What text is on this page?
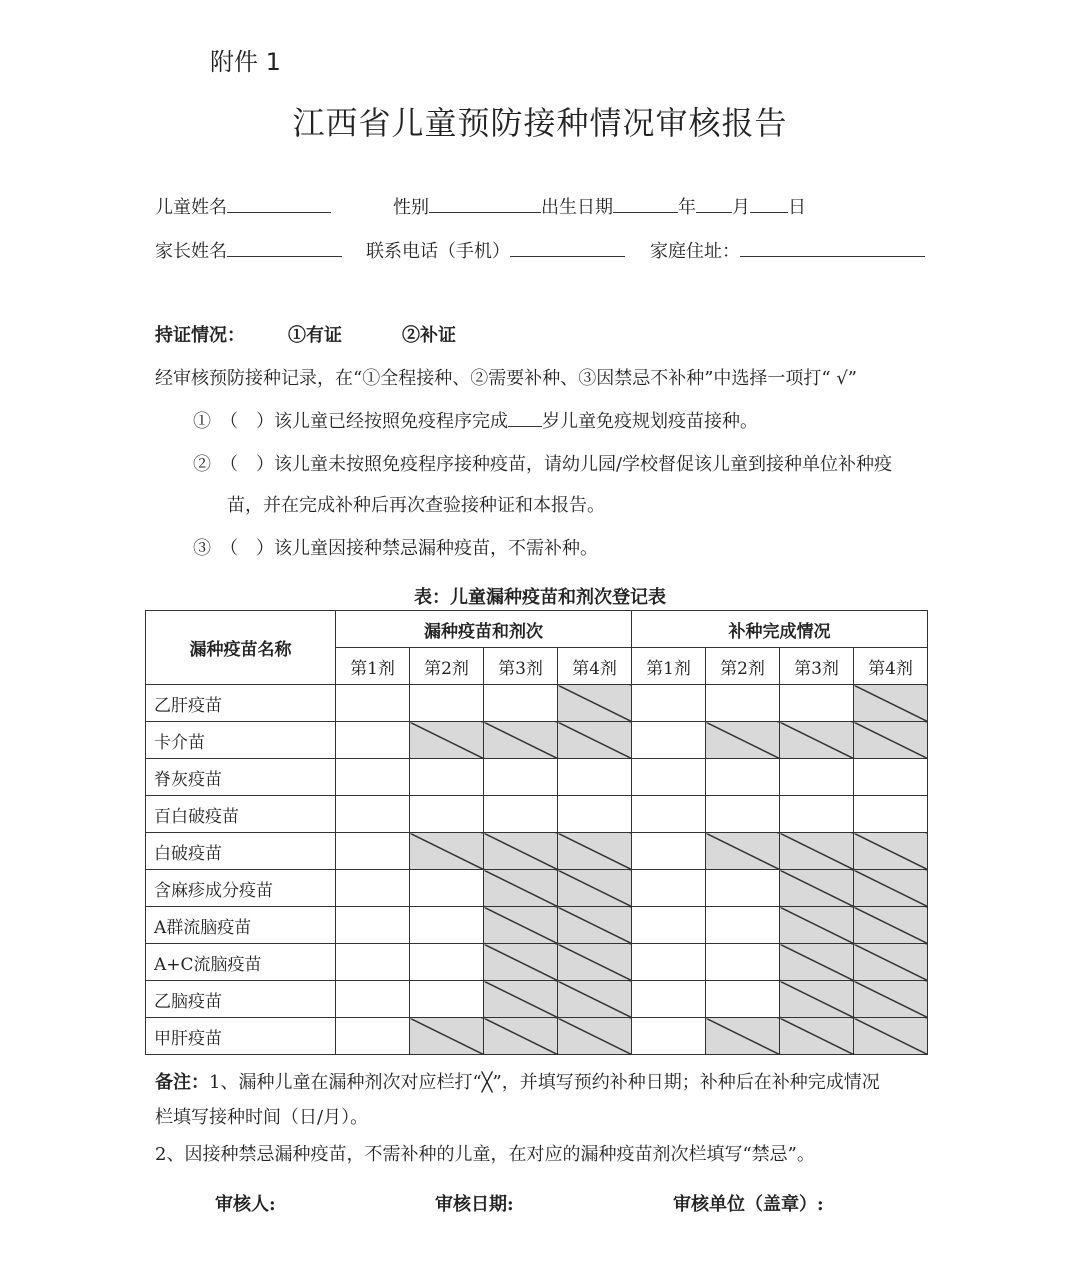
附件 1
江西省儿童预防接种情况审核报告
儿童姓名	性别	出生日期	年 月 日
家长姓名	联系电话（手机）	家庭住址：
持证情况： ①有证	②补证
经审核预防接种记录，在“①全程接种、②需要补种、③因禁忌不补种”中选择一项打“ √”
①　（　）该儿童已经按照免疫程序完成 岁儿童免疫规划疫苗接种。
②　（　）该儿童未按照免疫程序接种疫苗，请幼儿园/学校督促该儿童到接种单位补种疫
苗，并在完成补种后再次查验接种证和本报告。
③　（　）该儿童因接种禁忌漏种疫苗，不需补种。
表：儿童漏种疫苗和剂次登记表
漏种疫苗名称	漏种疫苗和剂次				补种完成情况			
	第1剂	第2剂	第3剂	第4剂	第1剂	第2剂	第3剂	第4剂
乙肝疫苗								
卡介苗								
脊灰疫苗								
百白破疫苗								
白破疫苗								
含麻疹成分疫苗								
A群流脑疫苗								
A+C流脑疫苗								
乙脑疫苗								
甲肝疫苗								
备注：1、漏种儿童在漏种剂次对应栏打“╳”，并填写预约补种日期；补种后在补种完成情况
栏填写接种时间（日/月）。
2、因接种禁忌漏种疫苗，不需补种的儿童，在对应的漏种疫苗剂次栏填写“禁忌”。
审核人:	审核日期:	审核单位（盖章）:
